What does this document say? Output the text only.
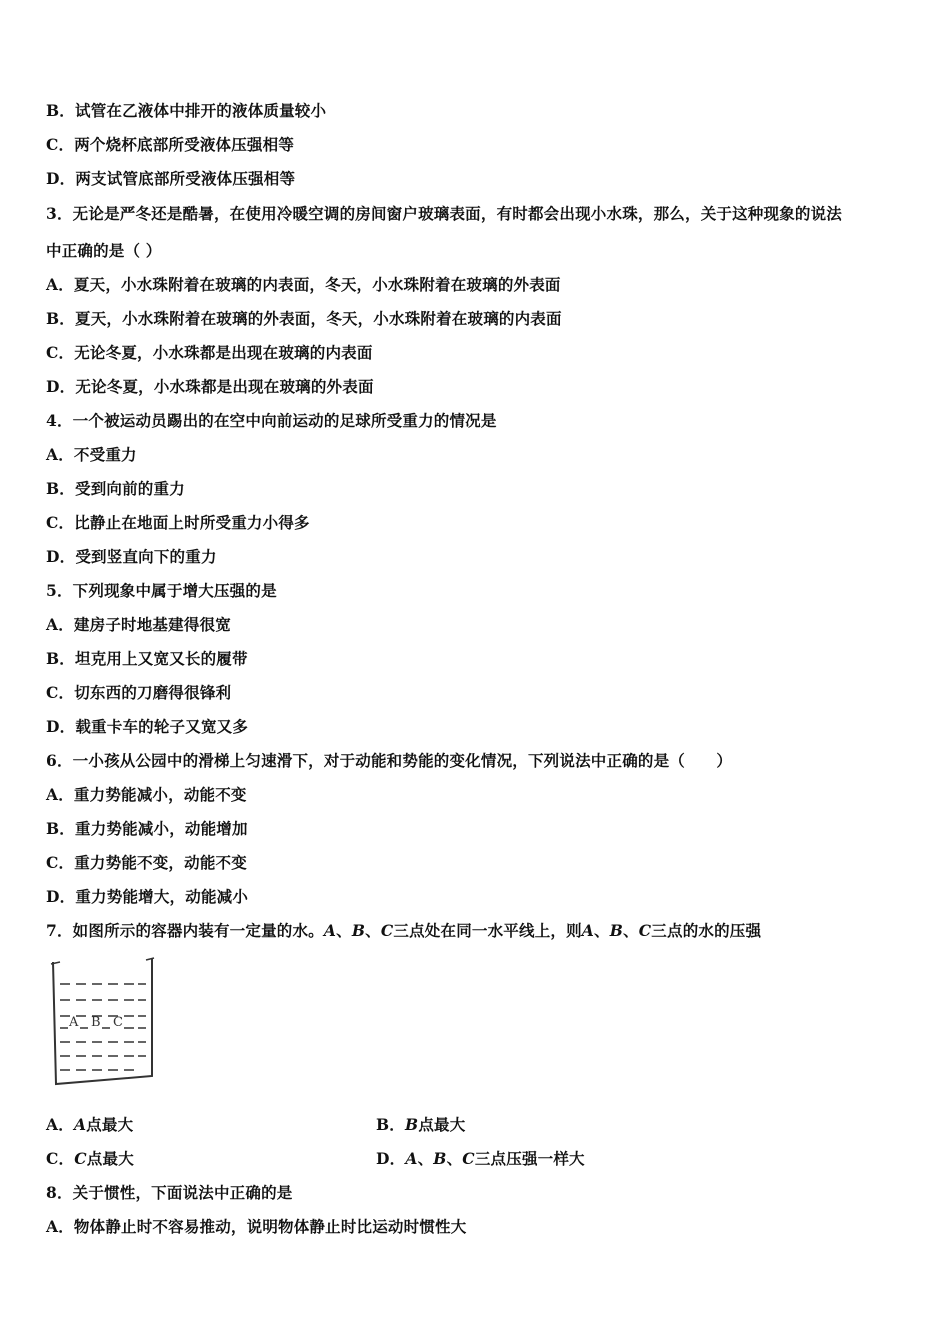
B．试管在乙液体中排开的液体质量较小
C．两个烧杯底部所受液体压强相等
D．两支试管底部所受液体压强相等
3．无论是严冬还是酷暑，在使用冷暖空调的房间窗户玻璃表面，有时都会出现小水珠，那么，关于这种现象的说法
中正确的是（ ）
A．夏天，小水珠附着在玻璃的内表面，冬天，小水珠附着在玻璃的外表面
B．夏天，小水珠附着在玻璃的外表面，冬天，小水珠附着在玻璃的内表面
C．无论冬夏，小水珠都是出现在玻璃的内表面
D．无论冬夏，小水珠都是出现在玻璃的外表面
4．一个被运动员踢出的在空中向前运动的足球所受重力的情况是
A．不受重力
B．受到向前的重力
C．比静止在地面上时所受重力小得多
D．受到竖直向下的重力
5．下列现象中属于增大压强的是
A．建房子时地基建得很宽
B．坦克用上又宽又长的履带
C．切东西的刀磨得很锋利
D．载重卡车的轮子又宽又多
6．一小孩从公园中的滑梯上匀速滑下，对于动能和势能的变化情况，下列说法中正确的是（　　）
A．重力势能减小，动能不变
B．重力势能减小，动能增加
C．重力势能不变，动能不变
D．重力势能增大，动能减小
7．如图所示的容器内装有一定量的水。A、B、C三点处在同一水平线上，则A、B、C三点的水的压强
A B C
A．A点最大	B．B点最大
C．C点最大	D．A、B、C三点压强一样大
8．关于惯性，下面说法中正确的是
A．物体静止时不容易推动，说明物体静止时比运动时惯性大
